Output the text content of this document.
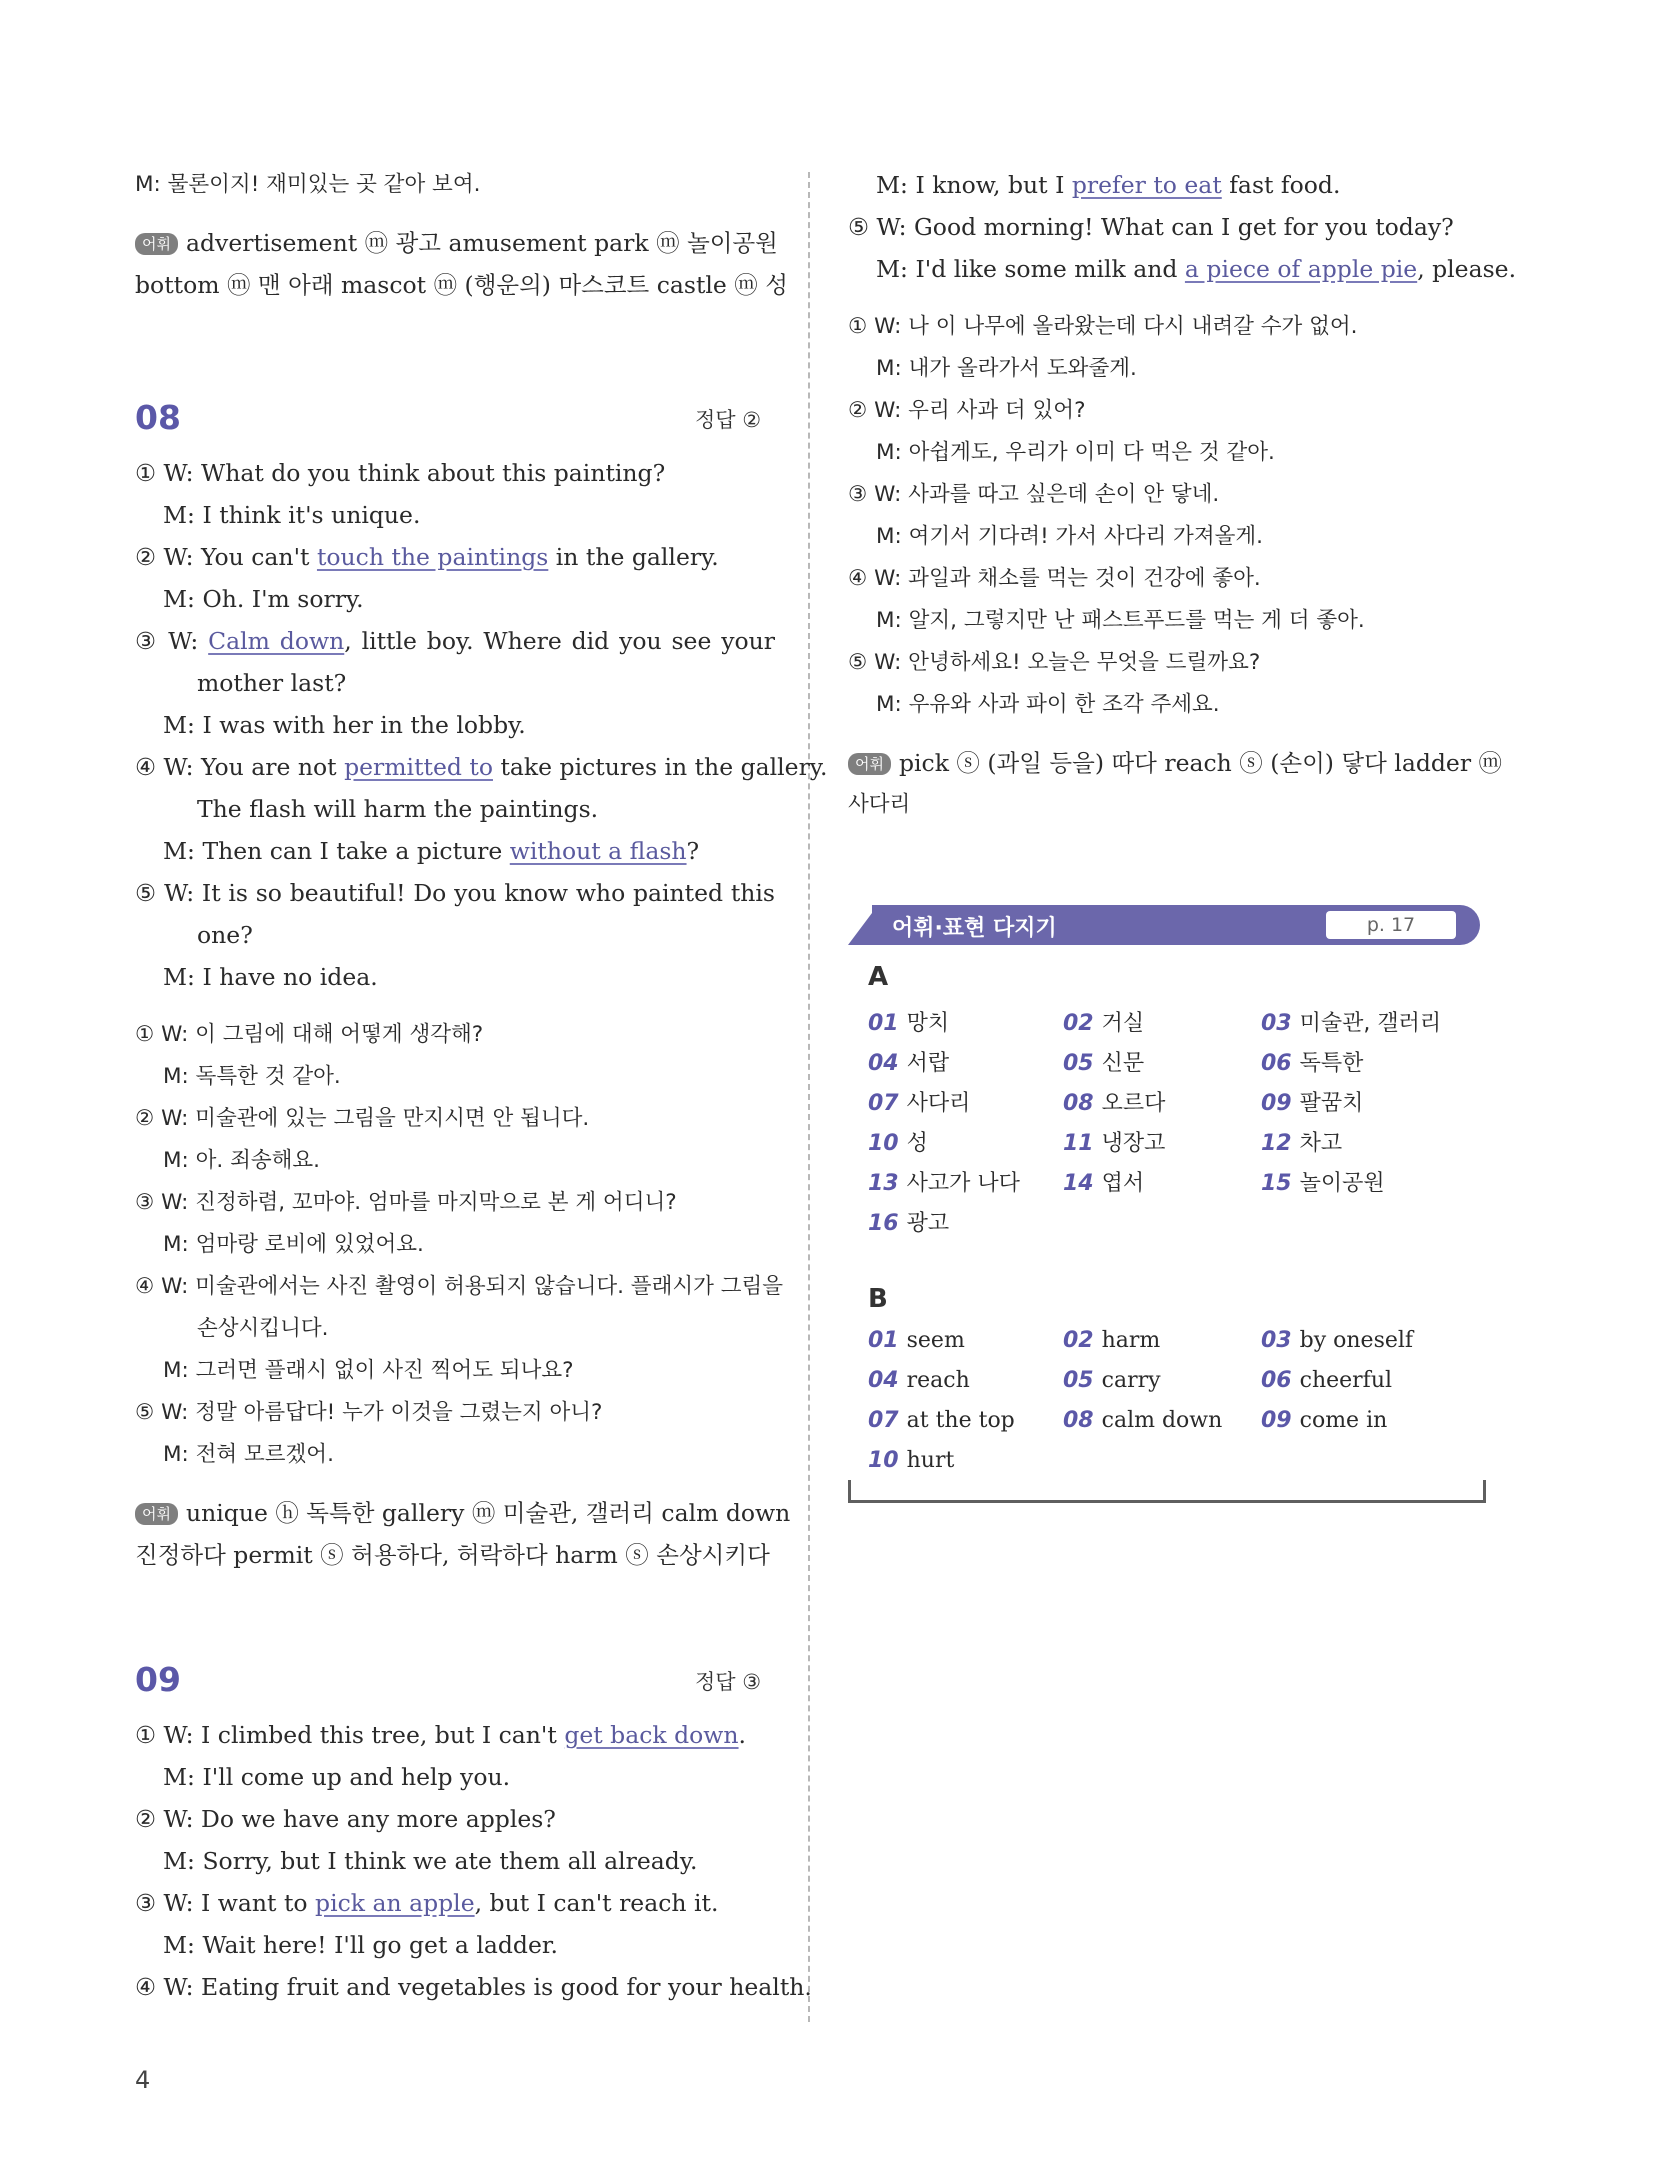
M: 물론이지! 재미있는 곳 같아 보여.
어휘 advertisement ⓜ 광고 amusement park ⓜ 놀이공원
bottom ⓜ 맨 아래 mascot ⓜ (행운의) 마스코트 castle ⓜ 성
08	정답 ②
① W: What do you think about this painting?
M: I think it's unique.
② W: You can't touch the paintings in the gallery.
M: Oh. I'm sorry.
③ W: Calm down, little boy. Where did you see your
mother last?
M: I was with her in the lobby.
④ W: You are not permitted to take pictures in the gallery.
The flash will harm the paintings.
M: Then can I take a picture without a flash?
⑤ W: It is so beautiful! Do you know who painted this
one?
M: I have no idea.
① W: 이 그림에 대해 어떻게 생각해?
M: 독특한 것 같아.
② W: 미술관에 있는 그림을 만지시면 안 됩니다.
M: 아. 죄송해요.
③ W: 진정하렴, 꼬마야. 엄마를 마지막으로 본 게 어디니?
M: 엄마랑 로비에 있었어요.
④ W: 미술관에서는 사진 촬영이 허용되지 않습니다. 플래시가 그림을
손상시킵니다.
M: 그러면 플래시 없이 사진 찍어도 되나요?
⑤ W: 정말 아름답다! 누가 이것을 그렸는지 아니?
M: 전혀 모르겠어.
어휘 unique ⓗ 독특한 gallery ⓜ 미술관, 갤러리 calm down
진정하다 permit ⓢ 허용하다, 허락하다 harm ⓢ 손상시키다
09	정답 ③
① W: I climbed this tree, but I can't get back down.
M: I'll come up and help you.
② W: Do we have any more apples?
M: Sorry, but I think we ate them all already.
③ W: I want to pick an apple, but I can't reach it.
M: Wait here! I'll go get a ladder.
④ W: Eating fruit and vegetables is good for your health.
4
M: I know, but I prefer to eat fast food.
⑤ W: Good morning! What can I get for you today?
M: I'd like some milk and a piece of apple pie, please.
① W: 나 이 나무에 올라왔는데 다시 내려갈 수가 없어.
M: 내가 올라가서 도와줄게.
② W: 우리 사과 더 있어?
M: 아쉽게도, 우리가 이미 다 먹은 것 같아.
③ W: 사과를 따고 싶은데 손이 안 닿네.
M: 여기서 기다려! 가서 사다리 가져올게.
④ W: 과일과 채소를 먹는 것이 건강에 좋아.
M: 알지, 그렇지만 난 패스트푸드를 먹는 게 더 좋아.
⑤ W: 안녕하세요! 오늘은 무엇을 드릴까요?
M: 우유와 사과 파이 한 조각 주세요.
어휘 pick ⓢ (과일 등을) 따다 reach ⓢ (손이) 닿다 ladder ⓜ
사다리
어휘·표현 다지기	p. 17
A
01 망치	02 거실	03 미술관, 갤러리
04 서랍	05 신문	06 독특한
07 사다리	08 오르다	09 팔꿈치
10 성	11 냉장고	12 차고
13 사고가 나다 14 엽서	15 놀이공원
16 광고
B
01 seem	02 harm	03 by oneself
04 reach	05 carry	06 cheerful
07 at the top 08 calm down 09 come in
10 hurt
